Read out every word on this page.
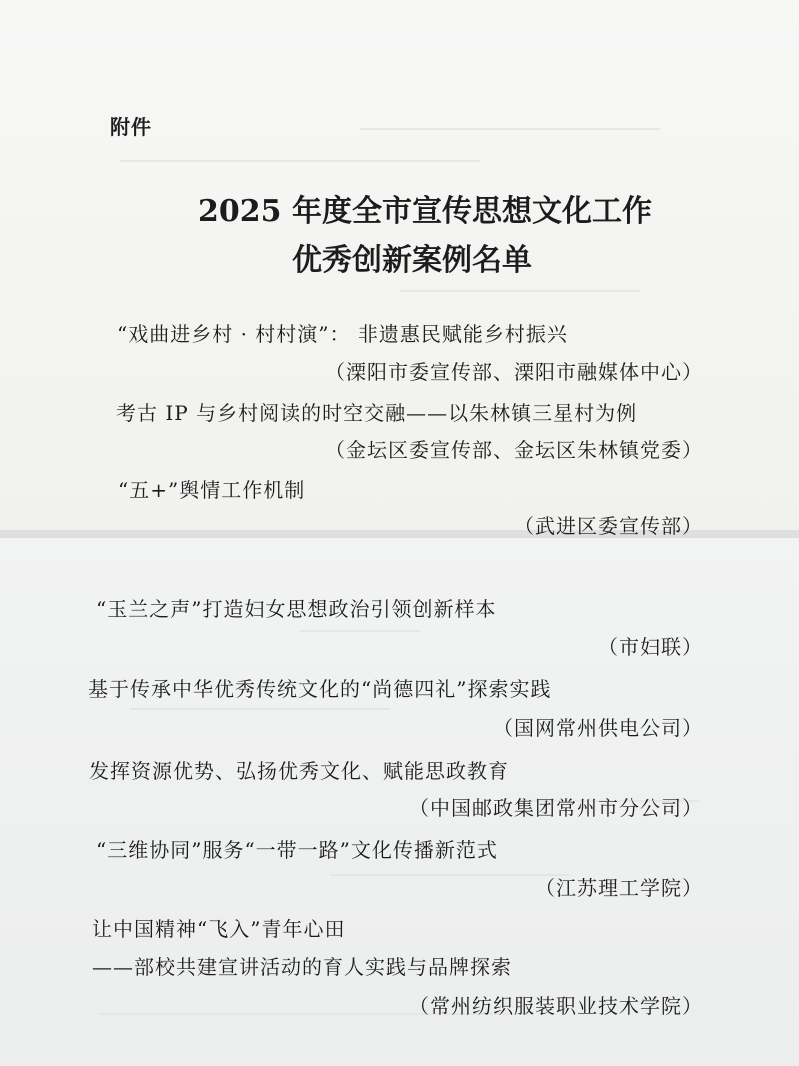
附件
2025 年度全市宣传思想文化工作
优秀创新案例名单
“戏曲进乡村 · 村村演”： 非遗惠民赋能乡村振兴
（溧阳市委宣传部、溧阳市融媒体中心）
考古 IP 与乡村阅读的时空交融——以朱林镇三星村为例
（金坛区委宣传部、金坛区朱林镇党委）
“五+”舆情工作机制
（武进区委宣传部）
“玉兰之声”打造妇女思想政治引领创新样本
（市妇联）
基于传承中华优秀传统文化的“尚德四礼”探索实践
（国网常州供电公司）
发挥资源优势、弘扬优秀文化、赋能思政教育
（中国邮政集团常州市分公司）
“三维协同”服务“一带一路”文化传播新范式
（江苏理工学院）
让中国精神“飞入”青年心田
——部校共建宣讲活动的育人实践与品牌探索
（常州纺织服装职业技术学院）
